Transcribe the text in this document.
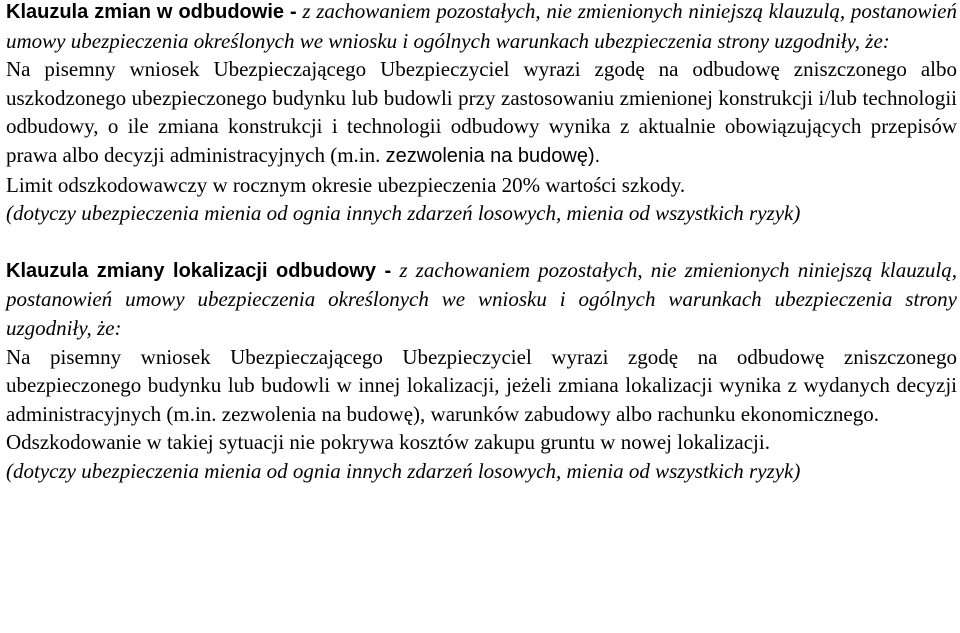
Klauzula zmian w odbudowie - z zachowaniem pozostałych, nie zmienionych niniejszą klauzulą, postanowień umowy ubezpieczenia określonych we wniosku i ogólnych warunkach ubezpieczenia strony uzgodniły, że:

Na pisemny wniosek Ubezpieczającego Ubezpieczyciel wyrazi zgodę na odbudowę zniszczonego albo uszkodzonego ubezpieczonego budynku lub budowli przy zastosowaniu zmienionej konstrukcji i/lub technologii odbudowy, o ile zmiana konstrukcji i technologii odbudowy wynika z aktualnie obowiązujących przepisów prawa albo decyzji administracyjnych (m.in. zezwolenia na budowę).

Limit odszkodowawczy w rocznym okresie ubezpieczenia 20% wartości szkody.

(dotyczy ubezpieczenia mienia od ognia innych zdarzeń losowych, mienia od wszystkich ryzyk)

Klauzula zmiany lokalizacji odbudowy - z zachowaniem pozostałych, nie zmienionych niniejszą klauzulą, postanowień umowy ubezpieczenia określonych we wniosku i ogólnych warunkach ubezpieczenia strony uzgodniły, że:

Na pisemny wniosek Ubezpieczającego Ubezpieczyciel wyrazi zgodę na odbudowę zniszczonego ubezpieczonego budynku lub budowli w innej lokalizacji, jeżeli zmiana lokalizacji wynika z wydanych decyzji administracyjnych (m.in. zezwolenia na budowę), warunków zabudowy albo rachunku ekonomicznego.

Odszkodowanie w takiej sytuacji nie pokrywa kosztów zakupu gruntu w nowej lokalizacji.

(dotyczy ubezpieczenia mienia od ognia innych zdarzeń losowych, mienia od wszystkich ryzyk)
